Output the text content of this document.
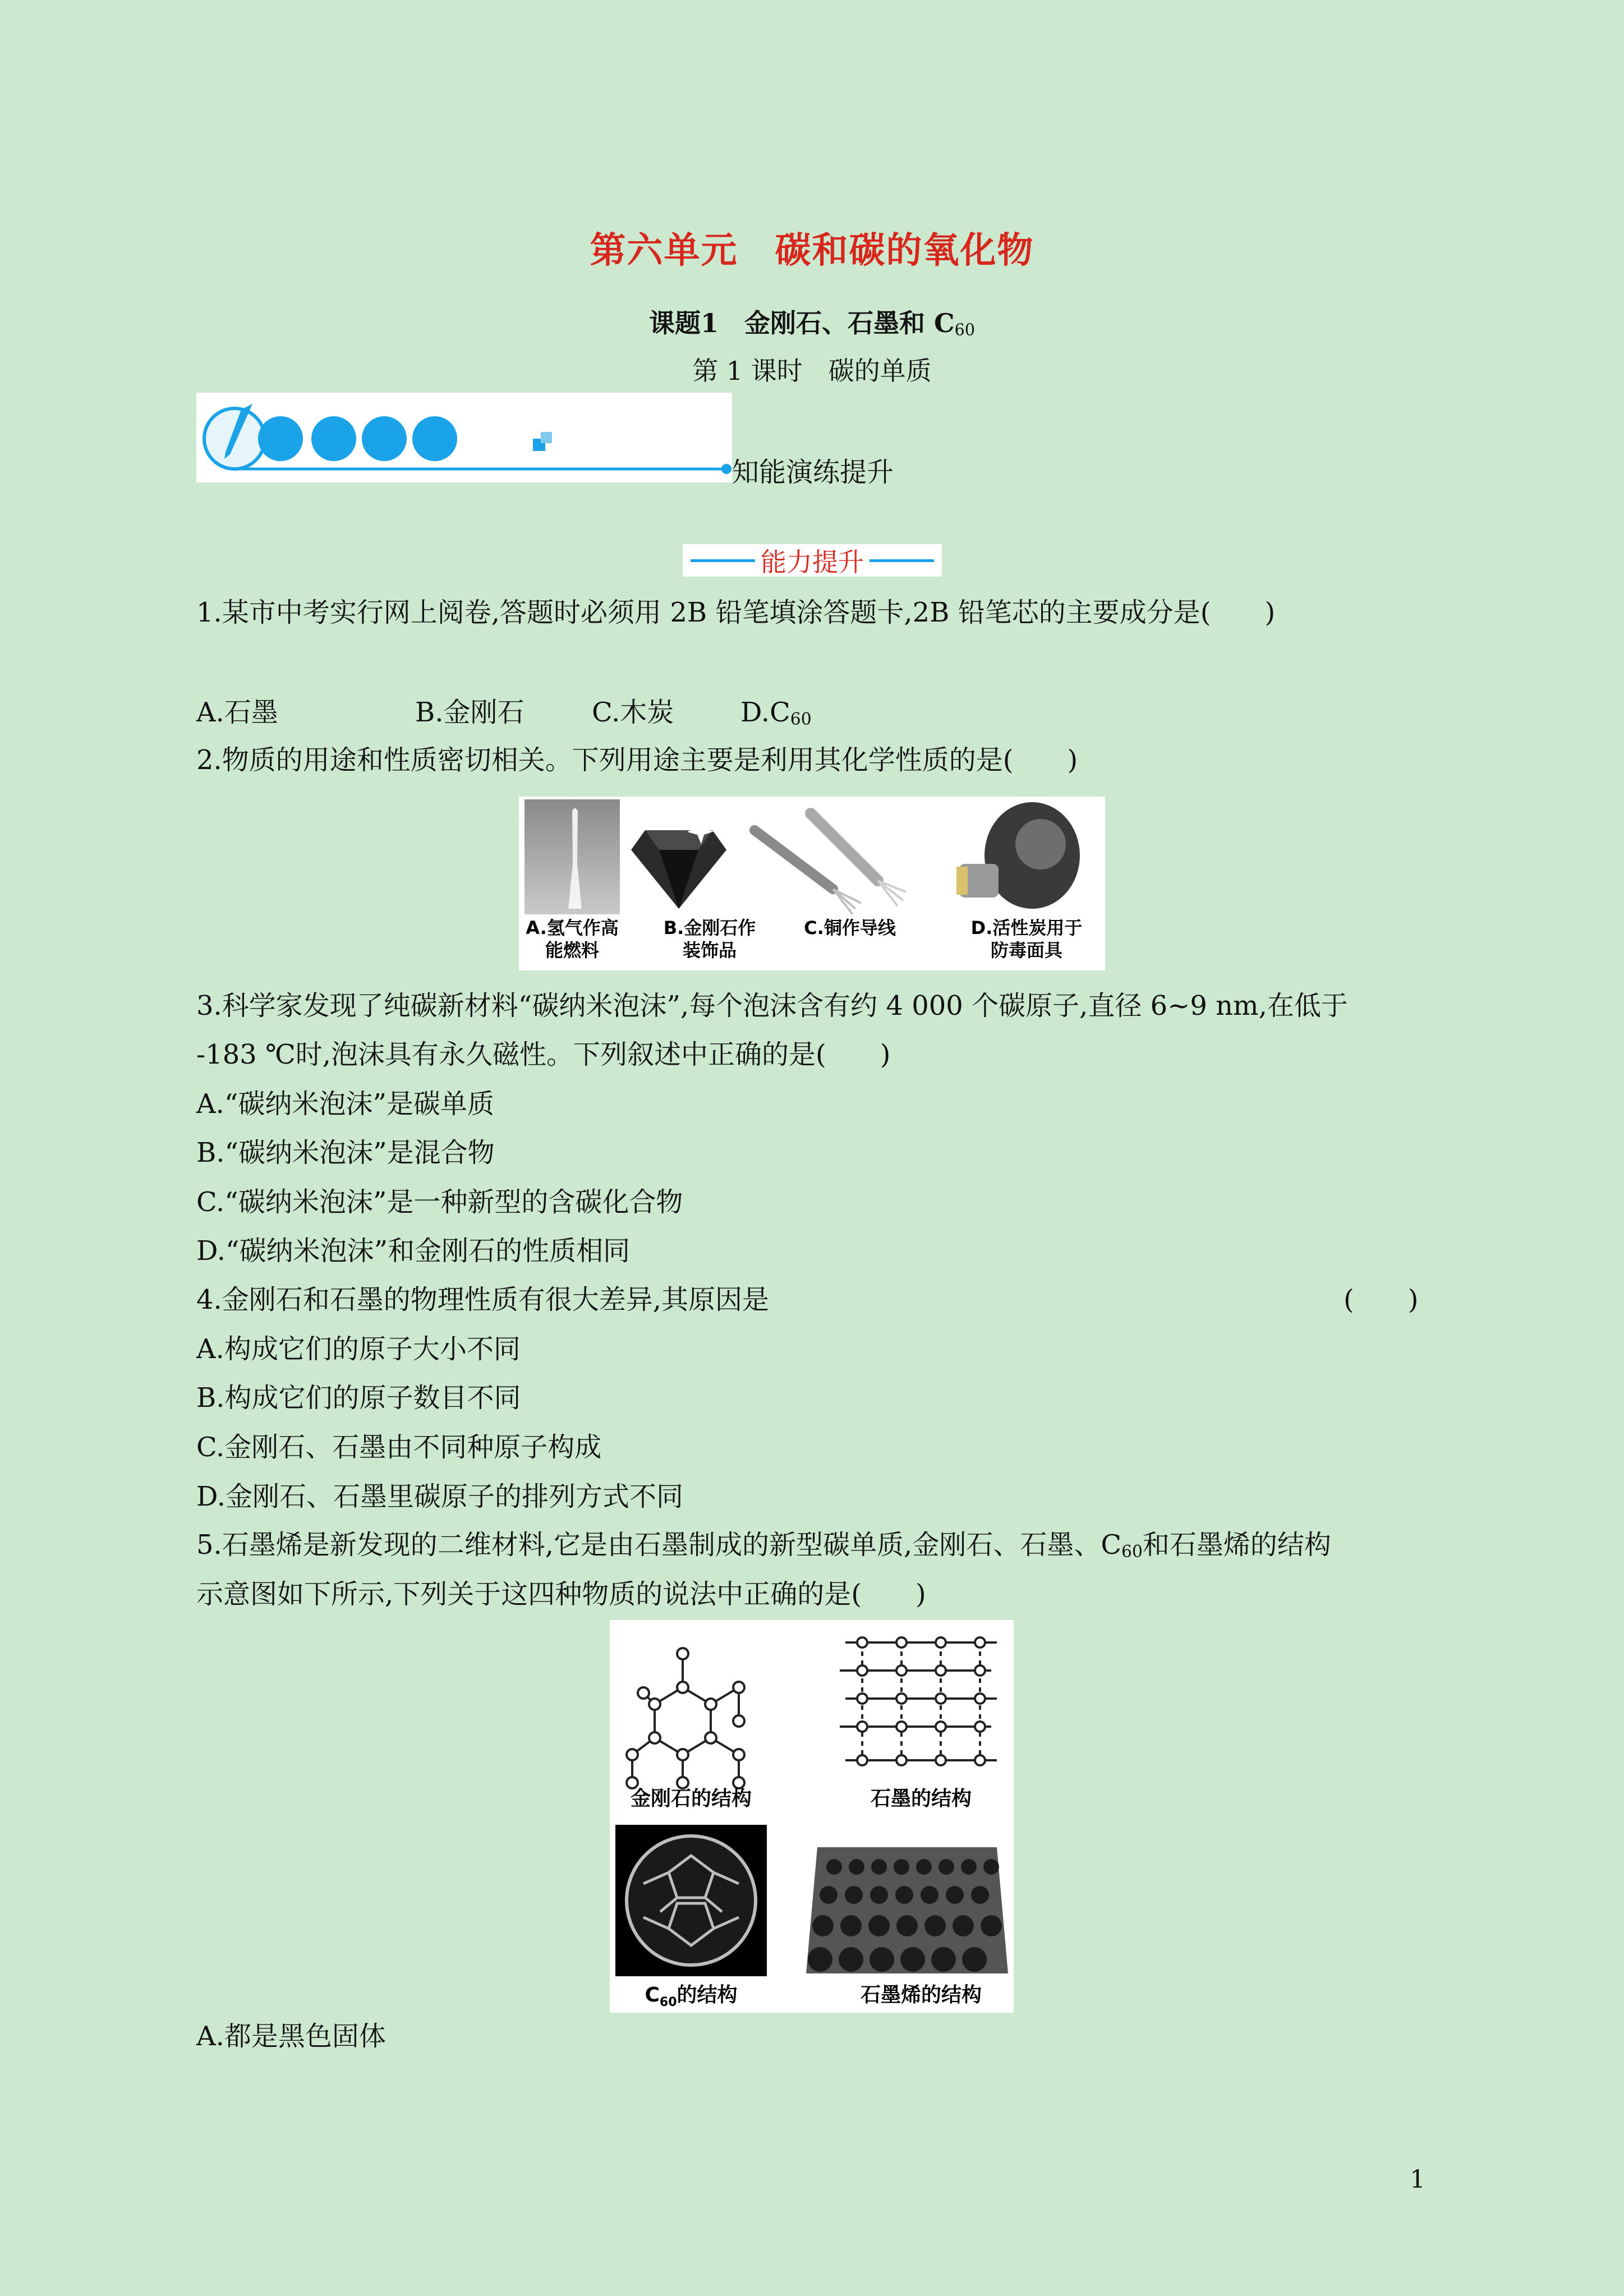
第六单元　碳和碳的氧化物
课题1　金刚石、石墨和 $C_{60}$
第 1 课时　碳的单质
知能演练提升
能力提升
1.某市中考实行网上阅卷,答题时必须用 2B 铅笔填涂答题卡,2B 铅笔芯的主要成分是(　　)
A.石墨	B.金刚石	C.木炭 $D.C_{60}$
2.物质的用途和性质密切相关。下列用途主要是利用其化学性质的是(　　)
A.氢气作高
能燃料
B.金刚石作
装饰品
C.铜作导线	D.活性炭用于
防毒面具
3.科学家发现了纯碳新材料“碳纳米泡沫”,每个泡沫含有约 4 000 个碳原子,直径 6~9 nm,在低于
-183 ℃时,泡沫具有永久磁性。下列叙述中正确的是(　　)
A.“碳纳米泡沫”是碳单质
B.“碳纳米泡沫”是混合物
C.“碳纳米泡沫”是一种新型的含碳化合物
D.“碳纳米泡沫”和金刚石的性质相同
4.金刚石和石墨的物理性质有很大差异,其原因是	(　　)
A.构成它们的原子大小不同
B.构成它们的原子数目不同
C.金刚石、石墨由不同种原子构成
D.金刚石、石墨里碳原子的排列方式不同
5.石墨烯是新发现的二维材料,它是由石墨制成的新型碳单质,金刚石、石墨、$C_{60}$和石墨烯的结构
示意图如下所示,下列关于这四种物质的说法中正确的是(　　)
金刚石的结构	石墨的结构
$C_{60}$的结构	石墨烯的结构
A.都是黑色固体
1
